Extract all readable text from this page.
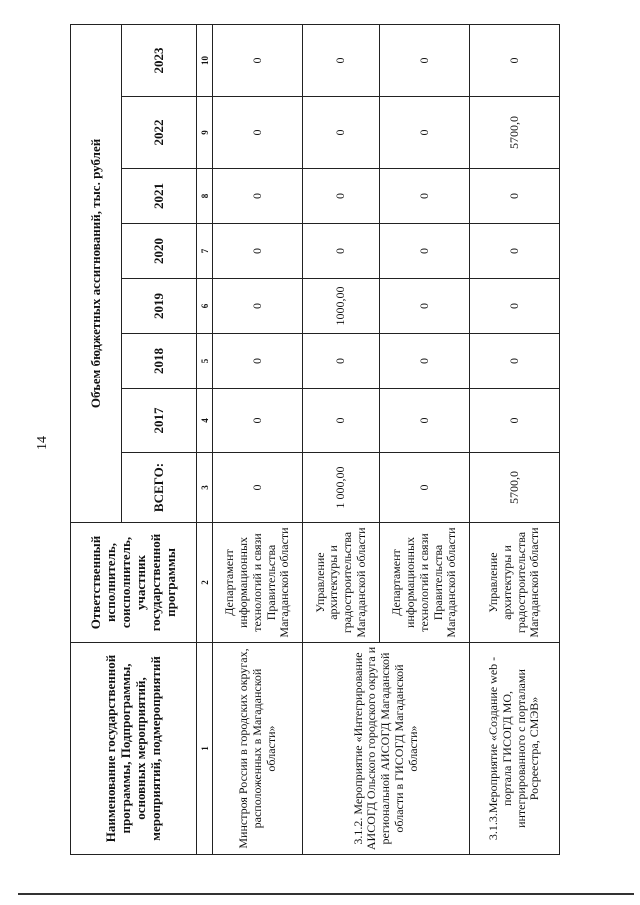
14
Наименование государственной программы, Подпрограммы, основных мероприятий, мероприятий, подмероприятий	Ответственный исполнитель, соисполнитель, участник государственной программы	Объем бюджетных ассигнований, тыс. рублей							
		ВСЕГО:	2017	2018	2019	2020	2021	2022	2023
1	2	3	4	5	6	7	8	9	10
Минстроя России в городских округах, расположенных в Магаданской области»	Департамент информационных технологий и связи Правительства Магаданской области	0	0	0	0	0	0	0	0
3.1.2. Мероприятие «Интегрирование АИСОГД Ольского городского округа и региональной АИСОГД Магаданской области в ГИСОГД Магаданской области»	Управление архитектуры и градостроительства Магаданской области	1 000,00	0	0	1000,00	0	0	0	0
	Департамент информационных технологий и связи Правительства Магаданской области	0	0	0	0	0	0	0	0
3.1.3.Мероприятие «Создание web - портала ГИСОГД МО, интегрированного с порталами Росреестра, СМЭВ»	Управление архитектуры и градостроительства Магаданской области	5700,0	0	0	0	0	0	5700,0	0
